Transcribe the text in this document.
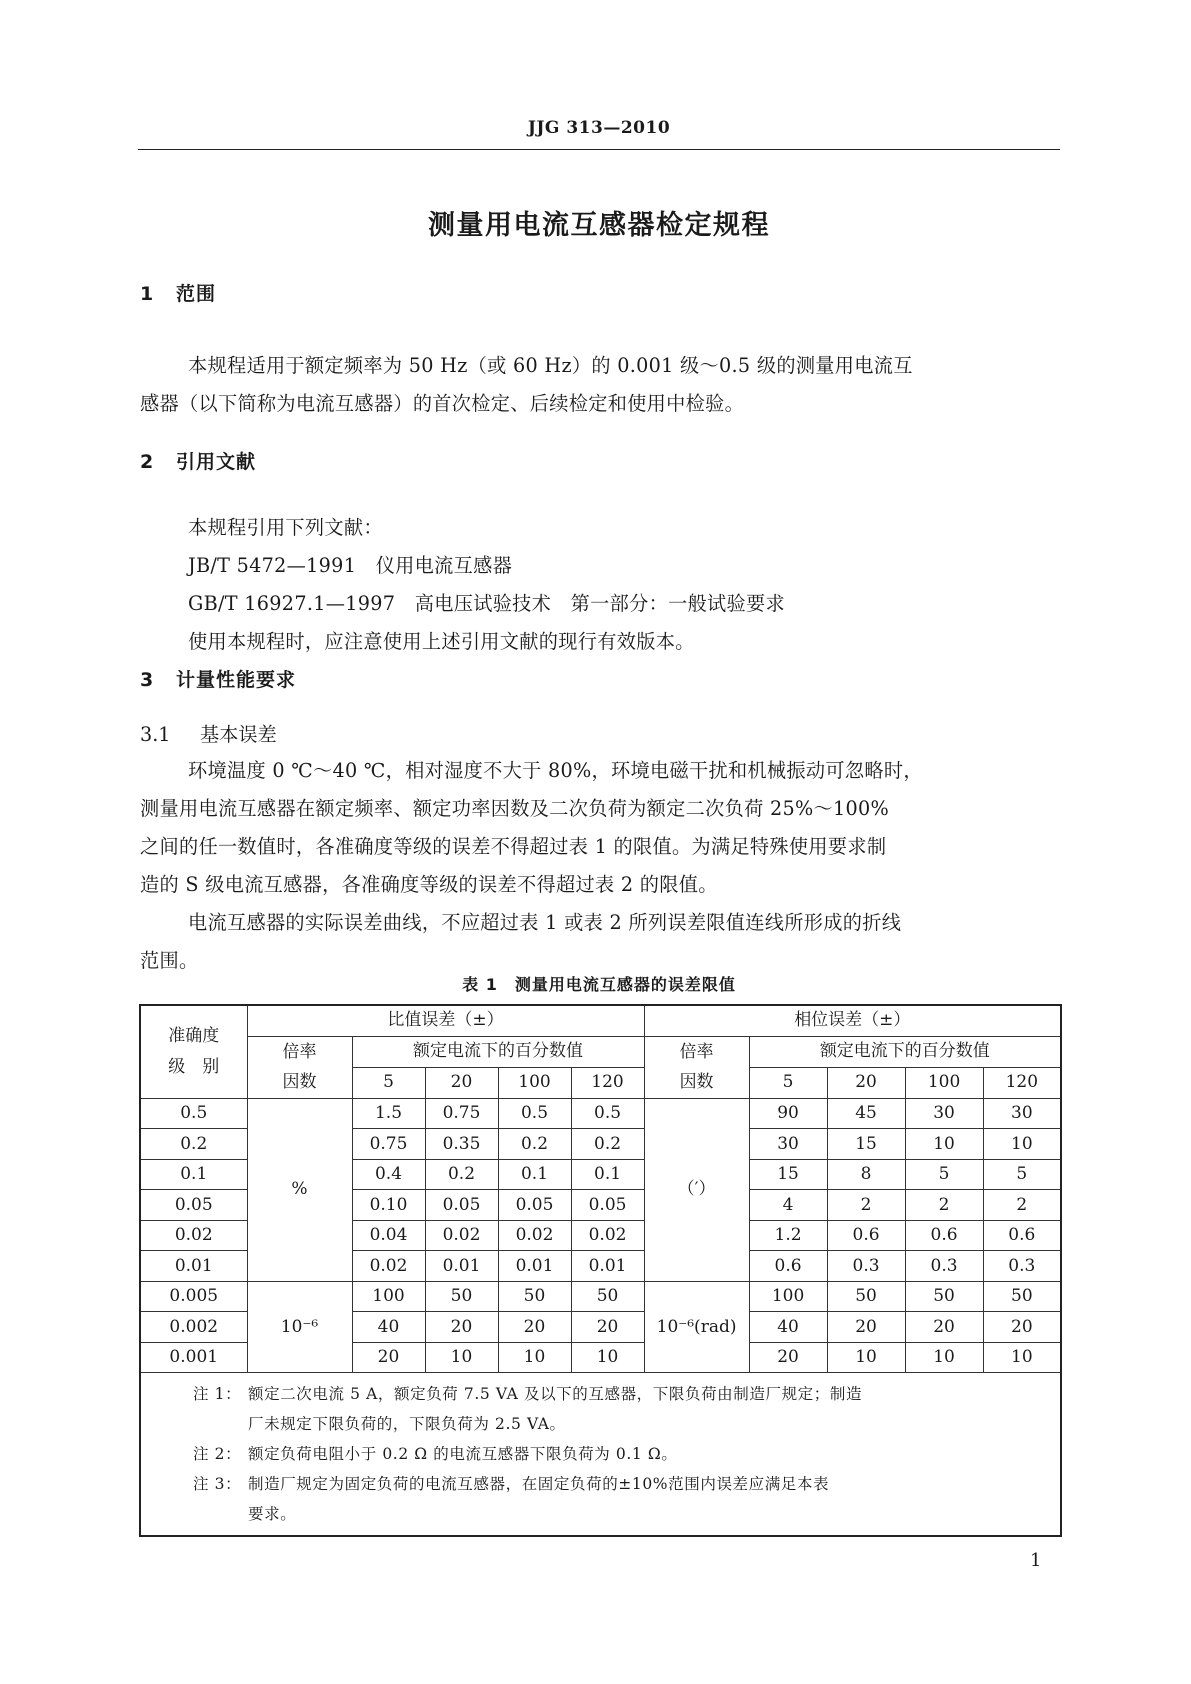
JJG 313—2010
测量用电流互感器检定规程
1 范围
本规程适用于额定频率为 50 Hz（或 60 Hz）的 0.001 级～0.5 级的测量用电流互
感器（以下简称为电流互感器）的首次检定、后续检定和使用中检验。
2 引用文献
本规程引用下列文献：
JB/T 5472—1991　仪用电流互感器
GB/T 16927.1—1997　高电压试验技术　第一部分：一般试验要求
使用本规程时，应注意使用上述引用文献的现行有效版本。
3 计量性能要求
3.1 基本误差
环境温度 0 ℃～40 ℃，相对湿度不大于 80%，环境电磁干扰和机械振动可忽略时，
测量用电流互感器在额定频率、额定功率因数及二次负荷为额定二次负荷 25%～100%
之间的任一数值时，各准确度等级的误差不得超过表 1 的限值。为满足特殊使用要求制
造的 S 级电流互感器，各准确度等级的误差不得超过表 2 的限值。
电流互感器的实际误差曲线，不应超过表 1 或表 2 所列误差限值连线所形成的折线
范围。
表 1　测量用电流互感器的误差限值
准确度
级　别	比值误差（±）					相位误差（±）				
	倍率
因数	额定电流下的百分数值				倍率
因数	额定电流下的百分数值			
		5	20	100	120		5	20	100	120
0.5	%	1.5	0.75	0.5	0.5	（′）	90	45	30	30
0.2		0.75	0.35	0.2	0.2		30	15	10	10
0.1		0.4	0.2	0.1	0.1		15	8	5	5
0.05		0.10	0.05	0.05	0.05		4	2	2	2
0.02		0.04	0.02	0.02	0.02		1.2	0.6	0.6	0.6
0.01		0.02	0.01	0.01	0.01		0.6	0.3	0.3	0.3
0.005	10⁻⁶	100	50	50	50	10⁻⁶(rad)	100	50	50	50
0.002		40	20	20	20		40	20	20	20
0.001		20	10	10	10		20	10	10	10

注 1： 额定二次电流 5 A，额定负荷 7.5 VA 及以下的互感器，下限负荷由制造厂规定；制造
厂未规定下限负荷的，下限负荷为 2.5 VA。
注 2： 额定负荷电阻小于 0.2 Ω 的电流互感器下限负荷为 0.1 Ω。
注 3： 制造厂规定为固定负荷的电流互感器，在固定负荷的±10%范围内误差应满足本表
要求。										
1
